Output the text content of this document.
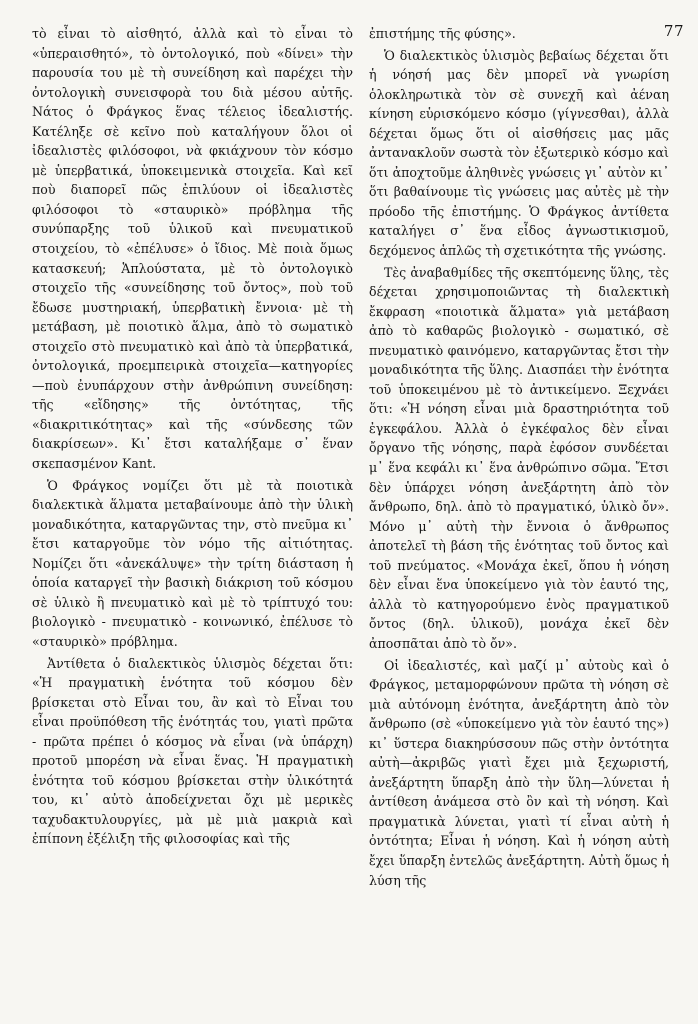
77

τὸ εἶναι τὸ αἰσθητό, ἀλλὰ καὶ τὸ εἶναι τὸ «ὑπεραισθητό», τὸ ὀντολογικό, ποὺ «δίνει» τὴν παρουσία του μὲ τὴ συνείδηση καὶ παρέχει τὴν ὀντολογικὴ συνεισφορὰ του διὰ μέσου αὐτῆς. Νάτος ὁ Φράγκος ἕνας τέλειος ἰδεαλιστής. Κατέληξε σὲ κεῖνο ποὺ καταλήγουν ὅλοι οἱ ἰδεαλιστὲς φιλόσοφοι, νὰ φκιάχνουν τὸν κόσμο μὲ ὑπερβατικά, ὑποκειμενικὰ στοιχεῖα. Καὶ κεῖ ποὺ διαπορεῖ πῶς ἐπιλύουν οἱ ἰδεαλιστὲς φιλόσοφοι τὸ «σταυρικὸ» πρόβλημα τῆς συνύπαρξης τοῦ ὑλικοῦ καὶ πνευματικοῦ στοιχείου, τὸ «ἐπέλυσε» ὁ ἴδιος. Μὲ ποιὰ ὅμως κατασκευή; Ἁπλούστατα, μὲ τὸ ὀντολογικὸ στοιχεῖο τῆς «συνείδησης τοῦ ὄντος», ποὺ τοῦ ἔδωσε μυστηριακή, ὑπερβατικὴ ἔννοια· μὲ τὴ μετάβαση, μὲ ποιοτικὸ ἅλμα, ἀπὸ τὸ σωματικὸ στοιχεῖο στὸ πνευματικὸ καὶ ἀπὸ τὰ ὑπερβατικά, ὀντολογικά, προεμπειρικὰ στοιχεῖα—κατηγορίες —ποὺ ἐνυπάρχουν στὴν ἀνθρώπινη συνείδηση: τῆς «εἴδησης» τῆς ὀντότητας, τῆς «διακριτικότητας» καὶ τῆς «σύνδεσης τῶν διακρίσεων». Κι᾽ ἔτσι καταλήξαμε σ᾽ ἕναν σκεπασμένον Kant.

Ὁ Φράγκος νομίζει ὅτι μὲ τὰ ποιοτικὰ διαλεκτικὰ ἅλματα μεταβαίνουμε ἀπὸ τὴν ὑλικὴ μοναδικότητα, καταργῶντας την, στὸ πνεῦμα κι᾽ ἔτσι καταργοῦμε τὸν νόμο τῆς αἰτιότητας. Νομίζει ὅτι «ἀνεκάλυψε» τὴν τρίτη διάσταση ἡ ὁποία καταργεῖ τὴν βασικὴ διάκριση τοῦ κόσμου σὲ ὑλικὸ ἢ πνευματικὸ καὶ μὲ τὸ τρίπτυχό του: βιολογικὸ - πνευματικὸ - κοινωνικό, ἐπέλυσε τὸ «σταυρικὸ» πρόβλημα.

Ἀντίθετα ὁ διαλεκτικὸς ὑλισμὸς δέχεται ὅτι: «Ἡ πραγματικὴ ἑνότητα τοῦ κόσμου δὲν βρίσκεται στὸ Εἶναι του, ἂν καὶ τὸ Εἶναι του εἶναι προϋπόθεση τῆς ἑνότητάς του, γιατὶ πρῶτα - πρῶτα πρέπει ὁ κόσμος νὰ εἶναι (νὰ ὑπάρχη) προτοῦ μπορέση νὰ εἶναι ἕνας. Ἡ πραγματικὴ ἑνότητα τοῦ κόσμου βρίσκεται στὴν ὑλικότητά του, κι᾽ αὐτὸ ἀποδείχνεται ὄχι μὲ μερικὲς ταχυδακτυλουργίες, μὰ μὲ μιὰ μακριὰ καὶ ἐπίπονη ἐξέλιξη τῆς φιλοσοφίας καὶ τῆς

ἐπιστήμης τῆς φύσης».

Ὁ διαλεκτικὸς ὑλισμὸς βεβαίως δέχεται ὅτι ἡ νόησή μας δὲν μπορεῖ νὰ γνωρίση ὁλοκληρωτικὰ τὸν σὲ συνεχῆ καὶ ἀέναη κίνηση εὑρισκόμενο κόσμο (γίγνεσθαι), ἀλλὰ δέχεται ὅμως ὅτι οἱ αἰσθήσεις μας μᾶς ἀντανακλοῦν σωστὰ τὸν ἐξωτερικὸ κόσμο καὶ ὅτι ἀποχτοῦμε ἀληθινὲς γνώσεις γι᾽ αὐτὸν κι᾽ ὅτι βαθαίνουμε τὶς γνώσεις μας αὐτὲς μὲ τὴν πρόοδο τῆς ἐπιστήμης. Ὁ Φράγκος ἀντίθετα καταλήγει σ᾽ ἕνα εἶδος ἀγνωστικισμοῦ, δεχόμενος ἁπλῶς τὴ σχετικότητα τῆς γνώσης.

Τὲς ἀναβαθμίδες τῆς σκεπτόμενης ὕλης, τὲς δέχεται χρησιμοποιῶντας τὴ διαλεκτικὴ ἔκφραση «ποιοτικὰ ἅλματα» γιὰ μετάβαση ἀπὸ τὸ καθαρῶς βιολογικὸ - σωματικό, σὲ πνευματικὸ φαινόμενο, καταργῶντας ἔτσι τὴν μοναδικότητα τῆς ὕλης. Διασπάει τὴν ἑνότητα τοῦ ὑποκειμένου μὲ τὸ ἀντικείμενο. Ξεχνάει ὅτι: «Ἡ νόηση εἶναι μιὰ δραστηριότητα τοῦ ἐγκεφάλου. Ἀλλὰ ὁ ἐγκέφαλος δὲν εἶναι ὄργανο τῆς νόησης, παρὰ ἐφόσον συνδέεται μ᾽ ἕνα κεφάλι κι᾽ ἕνα ἀνθρώπινο σῶμα. Ἔτσι δὲν ὑπάρχει νόηση ἀνεξάρτητη ἀπὸ τὸν ἄνθρωπο, δηλ. ἀπὸ τὸ πραγματικό, ὑλικὸ ὄν». Μόνο μ᾽ αὐτὴ τὴν ἔννοια ὁ ἄνθρωπος ἀποτελεῖ τὴ βάση τῆς ἑνότητας τοῦ ὄντος καὶ τοῦ πνεύματος. «Μονάχα ἐκεῖ, ὅπου ἡ νόηση δὲν εἶναι ἕνα ὑποκείμενο γιὰ τὸν ἑαυτό της, ἀλλὰ τὸ κατηγορούμενο ἑνὸς πραγματικοῦ ὄντος (δηλ. ὑλικοῦ), μονάχα ἐκεῖ δὲν ἀποσπᾶται ἀπὸ τὸ ὄν».

Οἱ ἰδεαλιστές, καὶ μαζί μ᾽ αὐτοὺς καὶ ὁ Φράγκος, μεταμορφώνουν πρῶτα τὴ νόηση σὲ μιὰ αὐτόνομη ἑνότητα, ἀνεξάρτητη ἀπὸ τὸν ἄνθρωπο (σὲ «ὑποκείμενο γιὰ τὸν ἑαυτό της») κι᾽ ὕστερα διακηρύσσουν πῶς στὴν ὀντότητα αὐτὴ—ἀκριβῶς γιατὶ ἔχει μιὰ ξεχωριστή, ἀνεξάρτητη ὕπαρξη ἀπὸ τὴν ὕλη—λύνεται ἡ ἀντίθεση ἀνάμεσα στὸ ὂν καὶ τὴ νόηση. Καὶ πραγματικὰ λύνεται, γιατὶ τί εἶναι αὐτὴ ἡ ὀντότητα; Εἶναι ἡ νόηση. Καὶ ἡ νόηση αὐτὴ ἔχει ὕπαρξη ἐντελῶς ἀνεξάρτητη. Αὐτὴ ὅμως ἡ λύση τῆς
